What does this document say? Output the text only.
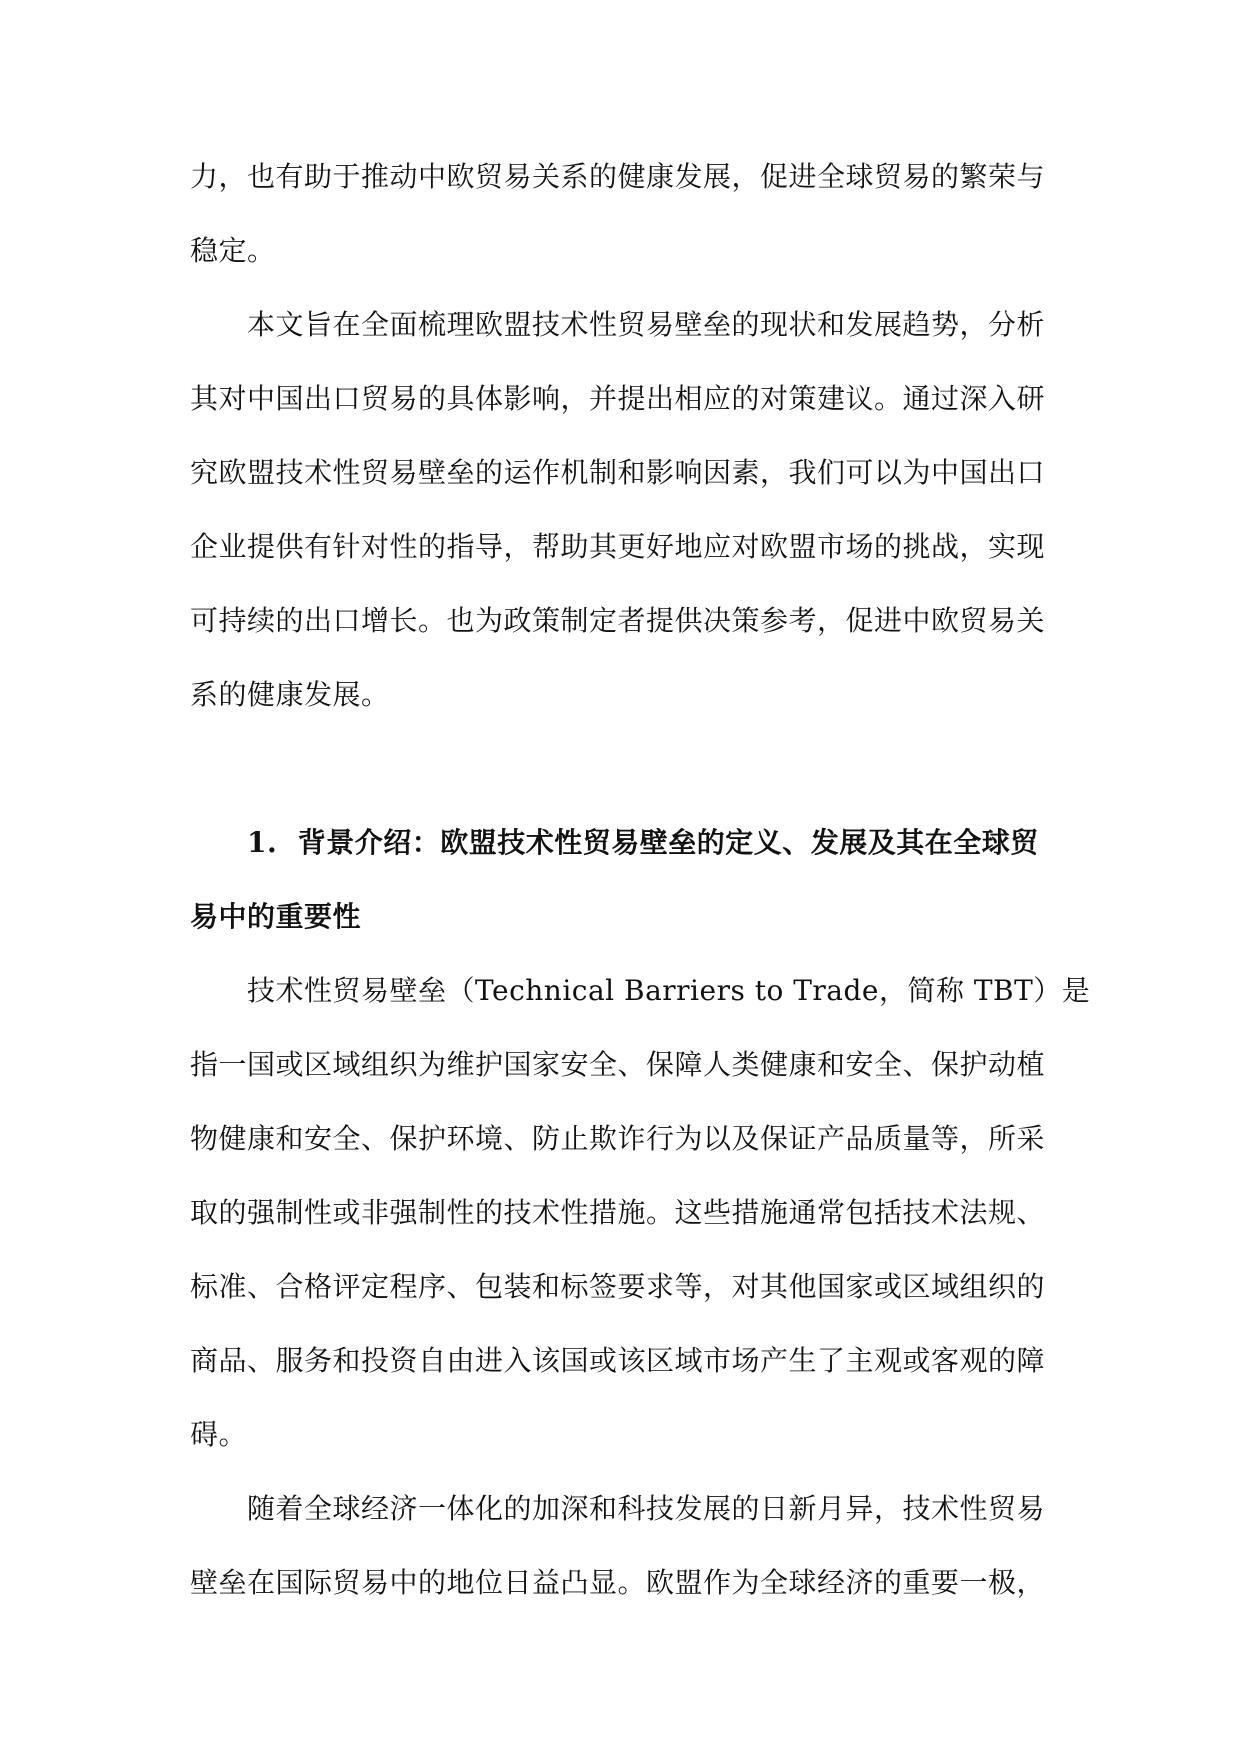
力，也有助于推动中欧贸易关系的健康发展，促进全球贸易的繁荣与
稳定。
本文旨在全面梳理欧盟技术性贸易壁垒的现状和发展趋势，分析
其对中国出口贸易的具体影响，并提出相应的对策建议。通过深入研
究欧盟技术性贸易壁垒的运作机制和影响因素，我们可以为中国出口
企业提供有针对性的指导，帮助其更好地应对欧盟市场的挑战，实现
可持续的出口增长。也为政策制定者提供决策参考，促进中欧贸易关
系的健康发展。
1.  背景介绍：欧盟技术性贸易壁垒的定义、发展及其在全球贸
易中的重要性
技术性贸易壁垒（Technical Barriers to Trade，简称 TBT）是
指一国或区域组织为维护国家安全、保障人类健康和安全、保护动植
物健康和安全、保护环境、防止欺诈行为以及保证产品质量等，所采
取的强制性或非强制性的技术性措施。这些措施通常包括技术法规、
标准、合格评定程序、包装和标签要求等，对其他国家或区域组织的
商品、服务和投资自由进入该国或该区域市场产生了主观或客观的障
碍。
随着全球经济一体化的加深和科技发展的日新月异，技术性贸易
壁垒在国际贸易中的地位日益凸显。欧盟作为全球经济的重要一极，
